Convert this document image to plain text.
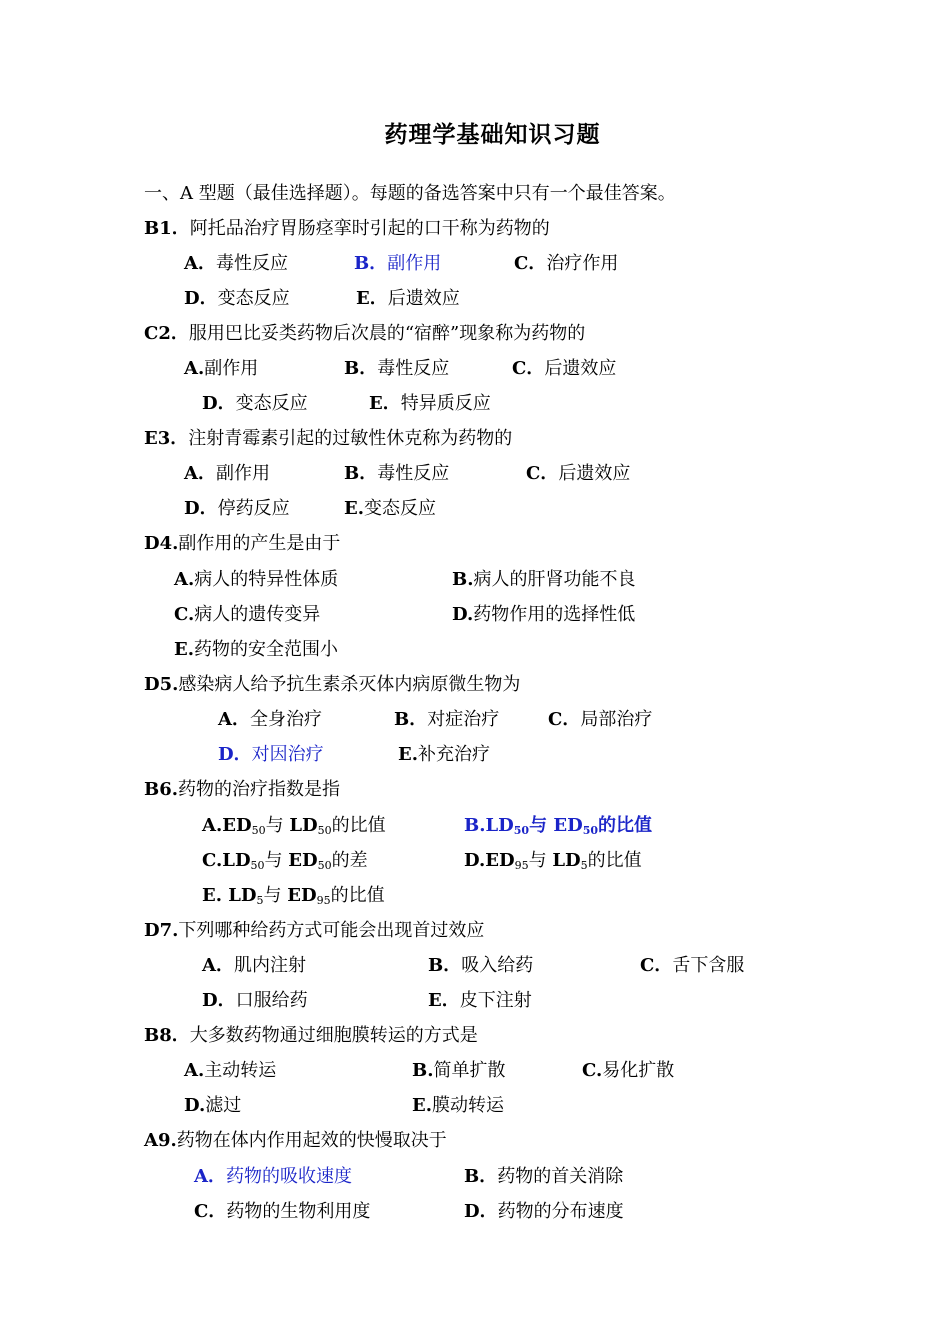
药理学基础知识习题
一、A 型题（最佳选择题）。每题的备选答案中只有一个最佳答案。
B1．阿托品治疗胃肠痉挛时引起的口干称为药物的
A．毒性反应	B．副作用	C．治疗作用
D．变态反应	E．后遗效应
C2．服用巴比妥类药物后次晨的“宿醉”现象称为药物的
A.副作用	B．毒性反应	C．后遗效应
D．变态反应	E．特异质反应
E3．注射青霉素引起的过敏性休克称为药物的
A．副作用	B．毒性反应	C．后遗效应
D．停药反应	E.变态反应
D4.副作用的产生是由于
A.病人的特异性体质	B.病人的肝肾功能不良
C.病人的遗传变异	D.药物作用的选择性低
E.药物的安全范围小
D5.感染病人给予抗生素杀灭体内病原微生物为
A．全身治疗	B．对症治疗	C．局部治疗
D．对因治疗	E.补充治疗
B6.药物的治疗指数是指
$A.ED_{50}$与 $LD_{50}$的比值	$B.LD_{50}$与 $ED_{50}$的比值
$C.LD_{50}$与 $ED_{50}$的差	$D.ED_{95}$与 $LD_5$的比值
E. $LD_5$与 $ED_{95}$的比值
D7.下列哪种给药方式可能会出现首过效应
A．肌内注射	B．吸入给药	C．舌下含服
D．口服给药	E．皮下注射
B8．大多数药物通过细胞膜转运的方式是
A.主动转运	B.简单扩散	C.易化扩散
D.滤过	E.膜动转运
A9.药物在体内作用起效的快慢取决于
A．药物的吸收速度	B．药物的首关消除
C．药物的生物利用度	D．药物的分布速度
